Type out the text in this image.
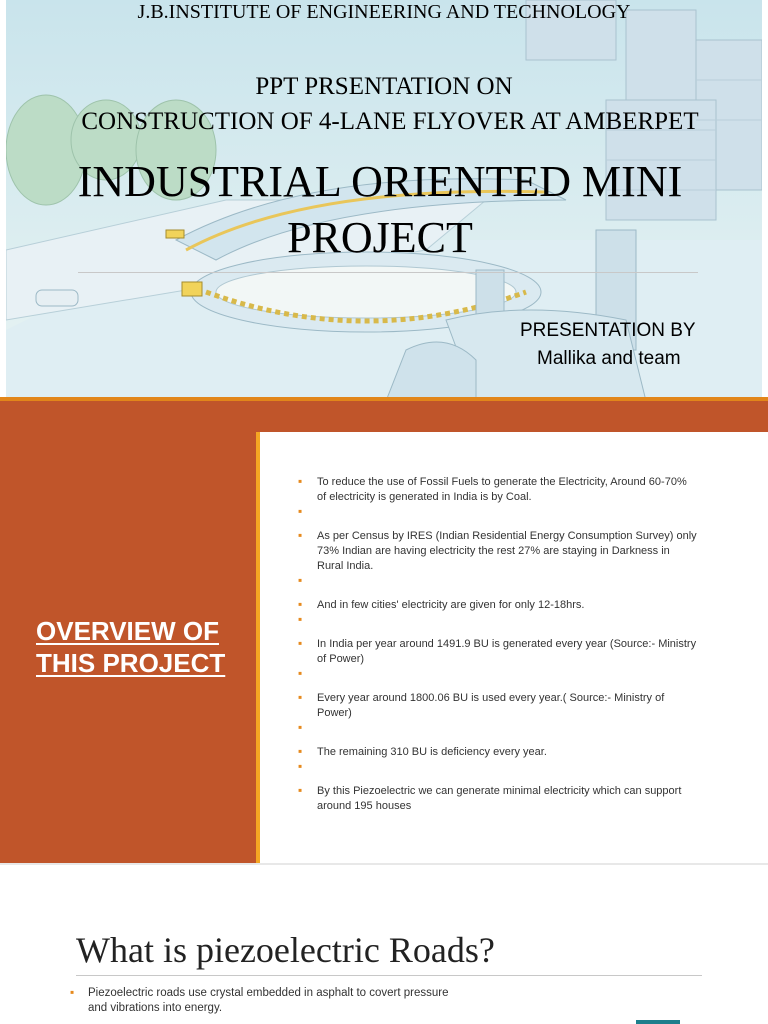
J.B.INSTITUTE OF ENGINEERING AND TECHNOLOGY
PPT PRSENTATION ON
CONSTRUCTION OF 4-LANE FLYOVER AT AMBERPET
INDUSTRIAL ORIENTED MINI
PROJECT
PRESENTATION BY
Mallika and team
OVERVIEW OF
THIS PROJECT
▪ To reduce the use of Fossil Fuels to generate the Electricity, Around 60-70% of electricity is generated in India is by Coal.
▪
▪ As per Census by IRES (Indian Residential Energy Consumption Survey) only 73% Indian are having electricity the rest 27% are staying in Darkness in Rural India.
▪
▪ And in few cities' electricity are given for only 12-18hrs.
▪
▪ In India per year around 1491.9 BU is generated every year (Source:- Ministry of Power)
▪
▪ Every year around 1800.06 BU is used every year.( Source:- Ministry of Power)
▪
▪ The remaining 310 BU is deficiency every year.
▪
▪ By this Piezoelectric we can generate minimal electricity which can support around 195 houses
What is piezoelectric Roads?
▪ Piezoelectric roads use crystal embedded in asphalt to covert pressure and vibrations into energy.
